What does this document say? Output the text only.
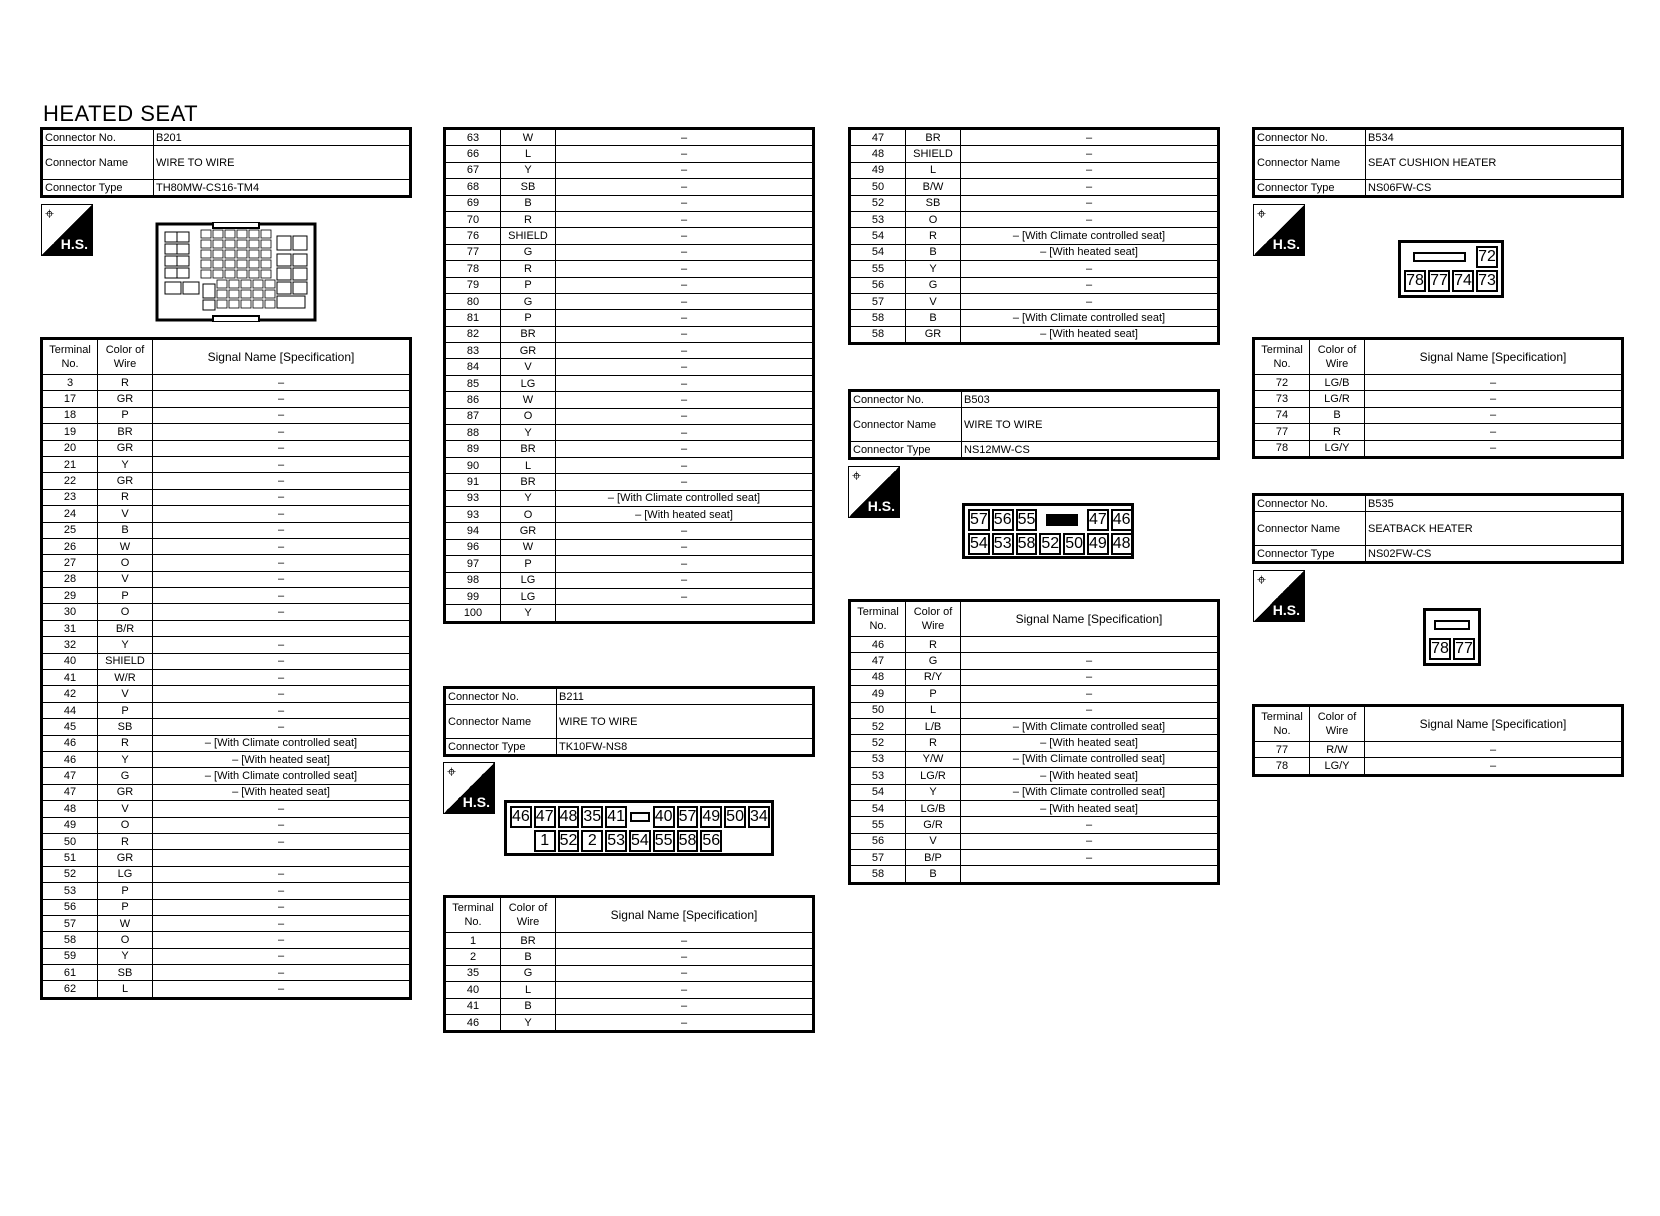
HEATED SEAT
Connector No.	B201
Connector Name	WIRE TO WIRE
Connector Type	TH80MW-CS16-TM4
⌖
H.S.
Terminal No.	Color of Wire	Signal Name [Specification]
3	R	–
17	GR	–
18	P	–
19	BR	–
20	GR	–
21	Y	–
22	GR	–
23	R	–
24	V	–
25	B	–
26	W	–
27	O	–
28	V	–
29	P	–
30	O	–
31	B/R	
32	Y	–
40	SHIELD	–
41	W/R	–
42	V	–
44	P	–
45	SB	–
46	R	– [With Climate controlled seat]
46	Y	– [With heated seat]
47	G	– [With Climate controlled seat]
47	GR	– [With heated seat]
48	V	–
49	O	–
50	R	–
51	GR	
52	LG	–
53	P	–
56	P	–
57	W	–
58	O	–
59	Y	–
61	SB	–
62	L	–
63	W	–
66	L	–
67	Y	–
68	SB	–
69	B	–
70	R	–
76	SHIELD	–
77	G	–
78	R	–
79	P	–
80	G	–
81	P	–
82	BR	–
83	GR	–
84	V	–
85	LG	–
86	W	–
87	O	–
88	Y	–
89	BR	–
90	L	–
91	BR	–
93	Y	– [With Climate controlled seat]
93	O	– [With heated seat]
94	GR	–
96	W	–
97	P	–
98	LG	–
99	LG	–
100	Y	
Connector No.	B211
Connector Name	WIRE TO WIRE
Connector Type	TK10FW-NS8
⌖
H.S.
46 47 48 35 41 40 57 49 50 34
1 52 2 53 54 55 58 56
Terminal No.	Color of Wire	Signal Name [Specification]
1	BR	–
2	B	–
35	G	–
40	L	–
41	B	–
46	Y	–
47	BR	–
48	SHIELD	–
49	L	–
50	B/W	–
52	SB	–
53	O	–
54	R	– [With Climate controlled seat]
54	B	– [With heated seat]
55	Y	–
56	G	–
57	V	–
58	B	– [With Climate controlled seat]
58	GR	– [With heated seat]
Connector No.	B503
Connector Name	WIRE TO WIRE
Connector Type	NS12MW-CS
⌖
H.S.
57 56 55	47 46
54 53 58 52 50 49 48
Terminal No.	Color of Wire	Signal Name [Specification]
46	R	
47	G	–
48	R/Y	–
49	P	–
50	L	–
52	L/B	– [With Climate controlled seat]
52	R	– [With heated seat]
53	Y/W	– [With Climate controlled seat]
53	LG/R	– [With heated seat]
54	Y	– [With Climate controlled seat]
54	LG/B	– [With heated seat]
55	G/R	–
56	V	–
57	B/P	–
58	B	
Connector No.	B534
Connector Name	SEAT CUSHION HEATER
Connector Type	NS06FW-CS
⌖
H.S.
72
78 77 74 73
Terminal No.	Color of Wire	Signal Name [Specification]
72	LG/B	–
73	LG/R	–
74	B	–
77	R	–
78	LG/Y	–
Connector No.	B535
Connector Name	SEATBACK HEATER
Connector Type	NS02FW-CS
⌖
H.S.
78 77
Terminal No.	Color of Wire	Signal Name [Specification]
77	R/W	–
78	LG/Y	–
